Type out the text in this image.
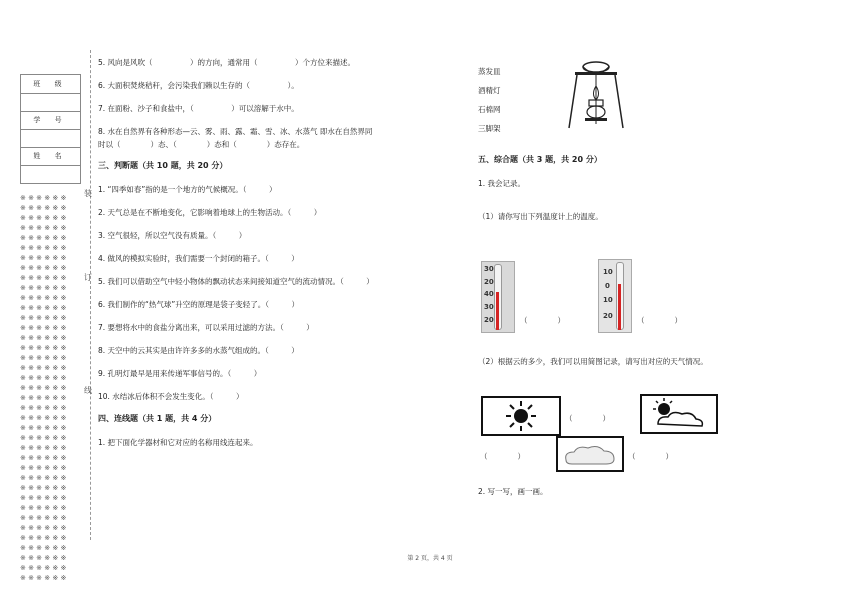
班 级
学 号
姓 名
※ ※ ※ ※ ※ ※
※ ※ ※ ※ ※ ※
※ ※ ※ ※ ※ ※
※ ※ ※ ※ ※ ※
※ ※ ※ ※ ※ ※
※ ※ ※ ※ ※ ※
※ ※ ※ ※ ※ ※
※ ※ ※ ※ ※ ※
※ ※ ※ ※ ※ ※
※ ※ ※ ※ ※ ※
※ ※ ※ ※ ※ ※
※ ※ ※ ※ ※ ※
※ ※ ※ ※ ※ ※
※ ※ ※ ※ ※ ※
※ ※ ※ ※ ※ ※
※ ※ ※ ※ ※ ※
※ ※ ※ ※ ※ ※
※ ※ ※ ※ ※ ※
※ ※ ※ ※ ※ ※
※ ※ ※ ※ ※ ※
※ ※ ※ ※ ※ ※
※ ※ ※ ※ ※ ※
※ ※ ※ ※ ※ ※
※ ※ ※ ※ ※ ※
※ ※ ※ ※ ※ ※
※ ※ ※ ※ ※ ※
※ ※ ※ ※ ※ ※
※ ※ ※ ※ ※ ※
※ ※ ※ ※ ※ ※
※ ※ ※ ※ ※ ※
※ ※ ※ ※ ※ ※
※ ※ ※ ※ ※ ※
※ ※ ※ ※ ※ ※
※ ※ ※ ※ ※ ※
※ ※ ※ ※ ※ ※
※ ※ ※ ※ ※ ※
※ ※ ※ ※ ※ ※
※ ※ ※ ※ ※ ※
※ ※ ※ ※ ※ ※
装
订
线
5. 风向是风吹（　　　　　）的方向，通常用（　　　　　）个方位来描述。
6. 大面积焚烧秸秆，会污染我们赖以生存的（　　　　　）。
7. 在面粉、沙子和食盐中，（　　　　　）可以溶解于水中。
8. 水在自然界有各种形态—云、雾、雨、露、霜、雪、冰、水蒸气 即水在自然界同
时以（　　　　）态、（　　　　）态和（　　　　）态存在。
三、判断题（共 10 题，共 20 分）
1. “四季如春”指的是一个地方的气候概况。（　　　）
2. 天气总是在不断地变化，它影响着地球上的生物活动。（　　　）
3. 空气很轻，所以空气没有质量。（　　　）
4. 做风的模拟实验时，我们需要一个封闭的箱子。（　　　）
5. 我们可以借助空气中轻小物体的飘动状态来间接知道空气的流动情况。（　　　）
6. 我们制作的“热气球”升空的原理是袋子变轻了。（　　　）
7. 要想将水中的食盐分离出来，可以采用过滤的方法。（　　　）
8. 天空中的云其实是由许许多多的水蒸气组成的。（　　　）
9. 孔明灯最早是用来传递军事信号的。（　　　）
10. 水结冰后体积不会发生变化。（　　　）
四、连线题（共 1 题，共 4 分）
1. 把下面化学器材和它对应的名称用线连起来。
蒸发皿
酒精灯
石棉网
三脚架
五、综合题（共 3 题，共 20 分）
1. 我会记录。
（1）请你写出下列温度计上的温度。
30
20
40
30
20	（　　　　）
10
0
10
20	（　　　　）
（2）根据云的多少，我们可以用简图记录，请写出对应的天气情况。
（　　　　）
（　　　　）	（　　　　）
2. 写一写，画一画。
第 2 页，共 4 页
